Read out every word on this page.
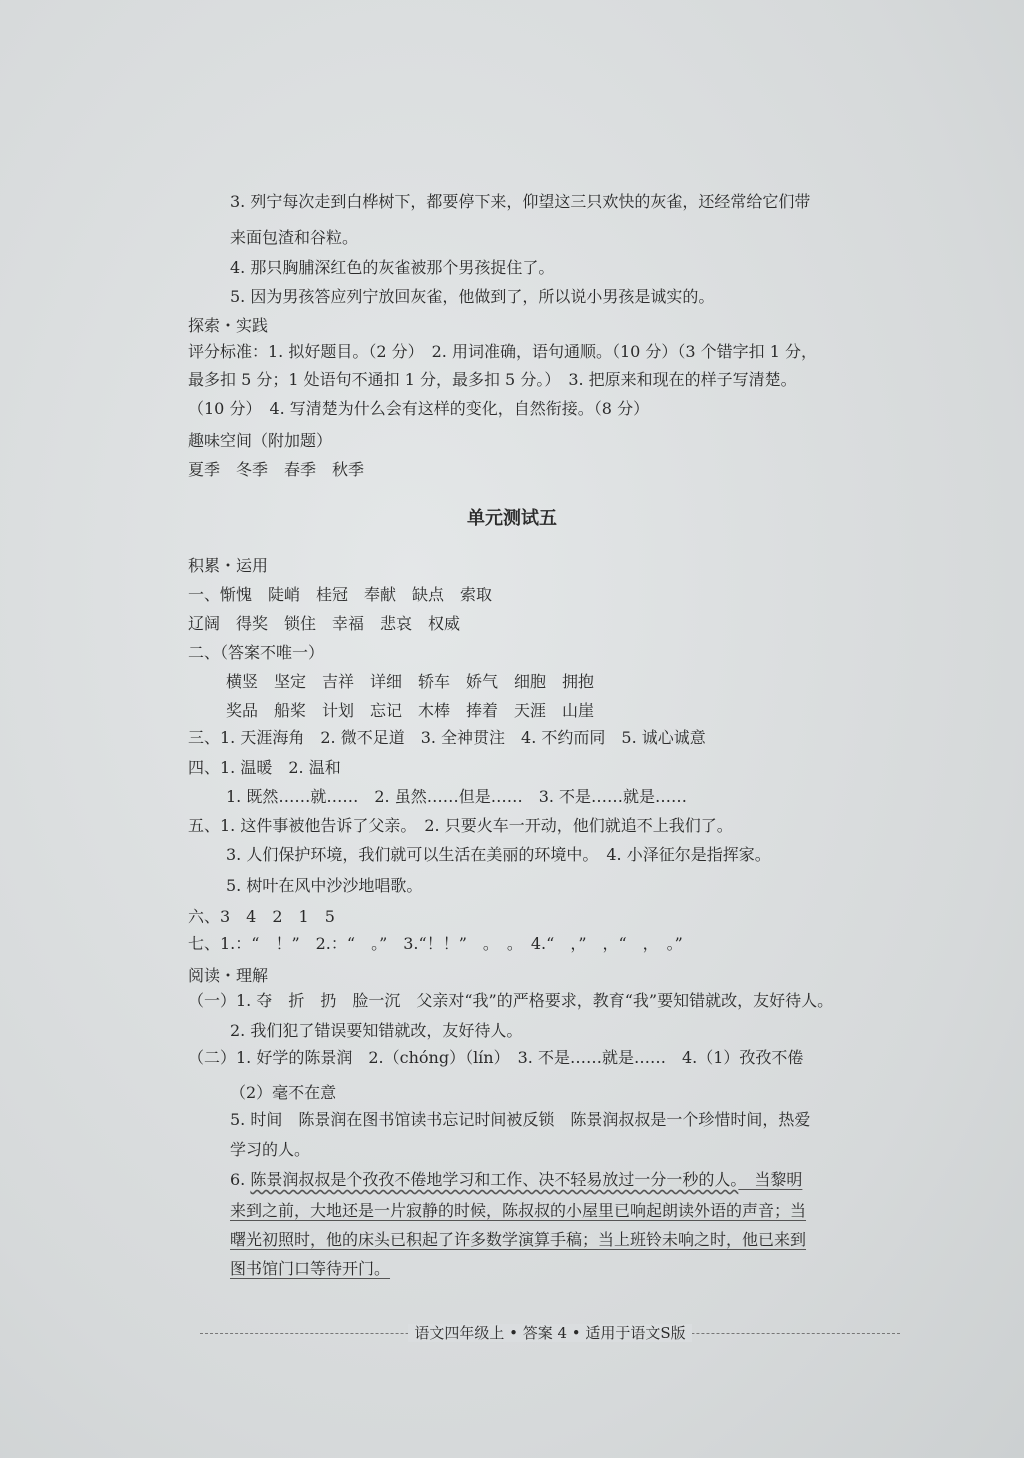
3. 列宁每次走到白桦树下，都要停下来，仰望这三只欢快的灰雀，还经常给它们带
来面包渣和谷粒。
4. 那只胸脯深红色的灰雀被那个男孩捉住了。
5. 因为男孩答应列宁放回灰雀，他做到了，所以说小男孩是诚实的。
探索・实践
评分标准：1. 拟好题目。（2 分）　2. 用词准确，语句通顺。（10 分）（3 个错字扣 1 分，
最多扣 5 分；1 处语句不通扣 1 分，最多扣 5 分。）　3. 把原来和现在的样子写清楚。
（10 分）　4. 写清楚为什么会有这样的变化，自然衔接。（8 分）
趣味空间（附加题）
夏季　冬季　春季　秋季
单元测试五
积累・运用
一、惭愧　陡峭　桂冠　奉献　缺点　索取
辽阔　得奖　锁住　幸福　悲哀　权威
二、（答案不唯一）
横竖　坚定　吉祥　详细　轿车　娇气　细胞　拥抱
奖品　船桨　计划　忘记　木棒　捧着　天涯　山崖
三、1. 天涯海角　2. 微不足道　3. 全神贯注　4. 不约而同　5. 诚心诚意
四、1. 温暖　2. 温和
1. 既然……就……　2. 虽然……但是……　3. 不是……就是……
五、1. 这件事被他告诉了父亲。　2. 只要火车一开动，他们就追不上我们了。
3. 人们保护环境，我们就可以生活在美丽的环境中。　4. 小泽征尔是指挥家。
5. 树叶在风中沙沙地唱歌。
六、3　4　2　1　5
七、1.：“　！”　2.：“　。”　3.“！！”　。　。　4.“　，”　，“　，　。”
阅读・理解
（一）1. 夺　折　扔　脸一沉　父亲对“我”的严格要求，教育“我”要知错就改，友好待人。
2. 我们犯了错误要知错就改，友好待人。
（二）1. 好学的陈景润　2.（chóng）（lín）　3. 不是……就是……　4.（1）孜孜不倦
（2）毫不在意
5. 时间　陈景润在图书馆读书忘记时间被反锁　陈景润叔叔是一个珍惜时间，热爱
学习的人。
6. 陈景润叔叔是个孜孜不倦地学习和工作、决不轻易放过一分一秒的人。　当黎明
来到之前，大地还是一片寂静的时候，陈叔叔的小屋里已响起朗读外语的声音；当
曙光初照时，他的床头已积起了许多数学演算手稿；当上班铃未响之时，他已来到
图书馆门口等待开门。
语文四年级上 • 答案 4 • 适用于语文S版
